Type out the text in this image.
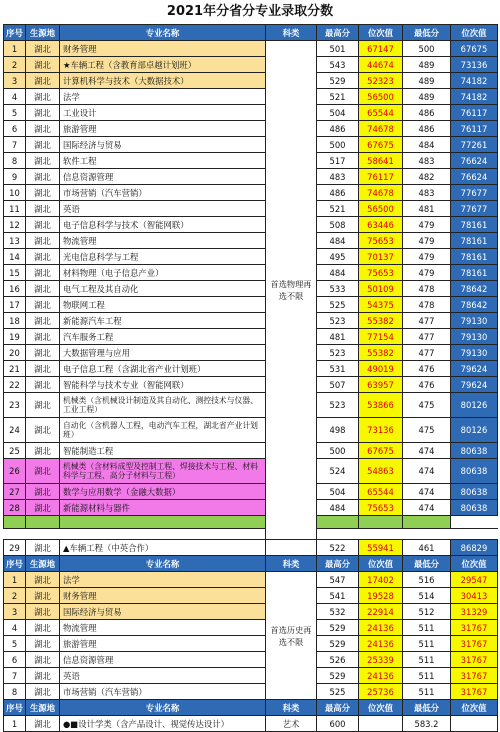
2021年分省分专业录取分数
序号	生源地	专业名称	科类	最高分	位次值	最低分	位次值
1	湖北	财务管理	首选物理再选不限	501	67147	500	67675
2	湖北	★车辆工程（含教育部卓越计划班）		543	44674	489	73136
3	湖北	计算机科学与技术（大数据技术）		529	52323	489	74182
4	湖北	法学		521	56500	489	74182
5	湖北	工业设计		504	65544	486	76117
6	湖北	旅游管理		486	74678	486	76117
7	湖北	国际经济与贸易		500	67675	484	77261
8	湖北	软件工程		517	58641	483	76624
9	湖北	信息资源管理		483	76117	482	76624
10	湖北	市场营销（汽车营销）		486	74678	483	77677
11	湖北	英语		521	56500	481	77677
12	湖北	电子信息科学与技术（智能网联）		508	63446	479	78161
13	湖北	物流管理		484	75653	479	78161
14	湖北	光电信息科学与工程		495	70137	479	78161
15	湖北	材料物理（电子信息产业）		484	75653	479	78161
16	湖北	电气工程及其自动化		533	50109	478	78642
17	湖北	物联网工程		525	54375	478	78642
18	湖北	新能源汽车工程		523	55382	477	79130
19	湖北	汽车服务工程		481	77154	477	79130
20	湖北	大数据管理与应用		523	55382	477	79130
21	湖北	电子信息工程（含湖北省产业计划班）		531	49019	476	79624
22	湖北	智能科学与技术专业（智能网联）		507	63957	476	79624
23	湖北	机械类（含机械设计制造及其自动化、测控技术与仪器、工业工程）		523	53866	475	80126
24	湖北	自动化（含机器人工程，电动汽车工程，湖北省产业计划班）		498	73136	475	80126
25	湖北	智能制造工程		500	67675	474	80638
26	湖北	机械类（含材料成型及控制工程、焊接技术与工程、材料科学与工程、高分子材料与工程）		524	54863	474	80638
27	湖北	数学与应用数学（金融大数据）		504	65544	474	80638
28	湖北	新能源材料与器件		484	75653	474	80638

29	湖北	▲车辆工程（中英合作）		522	55941	461	86829
序号	生源地	专业名称	科类	最高分	位次值	最低分	位次值
1	湖北	法学	首选历史再选不限	547	17402	516	29547
2	湖北	财务管理		541	19528	514	30413
3	湖北	国际经济与贸易		532	22914	512	31329
4	湖北	物流管理		529	24136	511	31767
5	湖北	旅游管理		529	24136	511	31767
6	湖北	信息资源管理		526	25339	511	31767
7	湖北	英语		529	24136	511	31767
8	湖北	市场营销（汽车营销）		525	25736	511	31767
序号	生源地	专业名称	科类	最高分	位次值	最低分	位次值
1	湖北	●■设计学类（含产品设计、视觉传达设计）	艺术	600		583.2	
